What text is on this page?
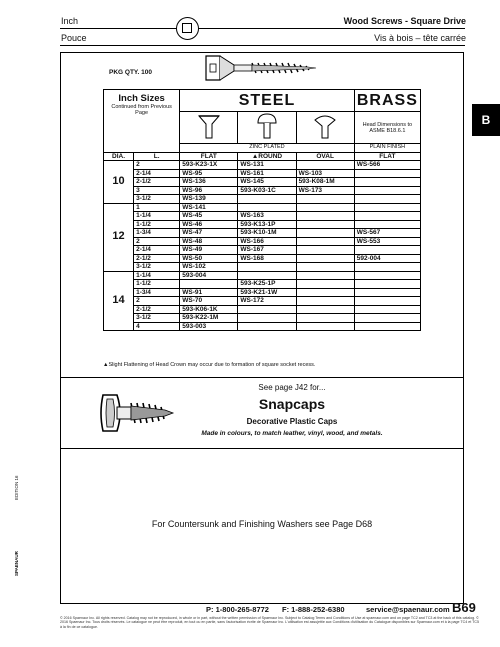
Inch
Pouce
Wood Screws - Square Drive
Vis à bois – tête carrée
B
PKG QTY. 100
Inch Sizes
Continued from Previous Page		STEEL			BRASS
			Head Dimensions to ASME B18.6.1
		ZINC PLATED			PLAIN FINISH
DIA.	L.	FLAT	▲ROUND	OVAL	FLAT
10	2	593-K23-1X	WS-131		WS-566
	2-1/4	WS-95	WS-161	WS-103	
	2-1/2	WS-136	WS-145	593-K08-1M	
	3	WS-96	593-K03-1C	WS-173	
	3-1/2	WS-139			
12	1	WS-141			
	1-1/4	WS-45	WS-163		
	1-1/2	WS-46	593-K13-1P		
	1-3/4	WS-47	593-K10-1M		WS-567
	2	WS-48	WS-166		WS-553
	2-1/4	WS-49	WS-167		
	2-1/2	WS-50	WS-168		592-004
	3-1/2	WS-102			
14	1-1/4	593-004			
	1-1/2		593-K25-1P		
	1-3/4	WS-91	593-K21-1W		
	2	WS-70	WS-172		
	2-1/2	593-K06-1K			
	3-1/2	593-K22-1M			
	4	593-003			
▲Slight Flattening of Head Crown may occur due to formation of square socket recess.
See page J42 for...
Snapcaps
Decorative Plastic Caps
Made in colours, to match leather, vinyl, wood, and metals.
For Countersunk and Finishing Washers see Page D68
EDITION 16
SPAENAUR
P: 1-800-265-8772 F: 1-888-252-6380	service@spaenaur.com B69
© 2016 Spaenaur Inc. All rights reserved. Catalog may not be reproduced, in whole or in part, without the written permission of Spaenaur Inc. Subject to Catalog Terms and Conditions of Use at spaenaur.com and on page TC2 and TC3 at the back of this catalog. © 2016 Spaenaur Inc. Tous droits réservés. Le catalogue ne peut être reproduit, en tout ou en partie, sans l'autorisation écrite de Spaenaur Inc. L'utilisation est assujettie aux Conditions d'utilisation du Catalogue disponibles sur Spaenaur.com et à la page TC4 et TC5 à la fin de ce catalogue.
